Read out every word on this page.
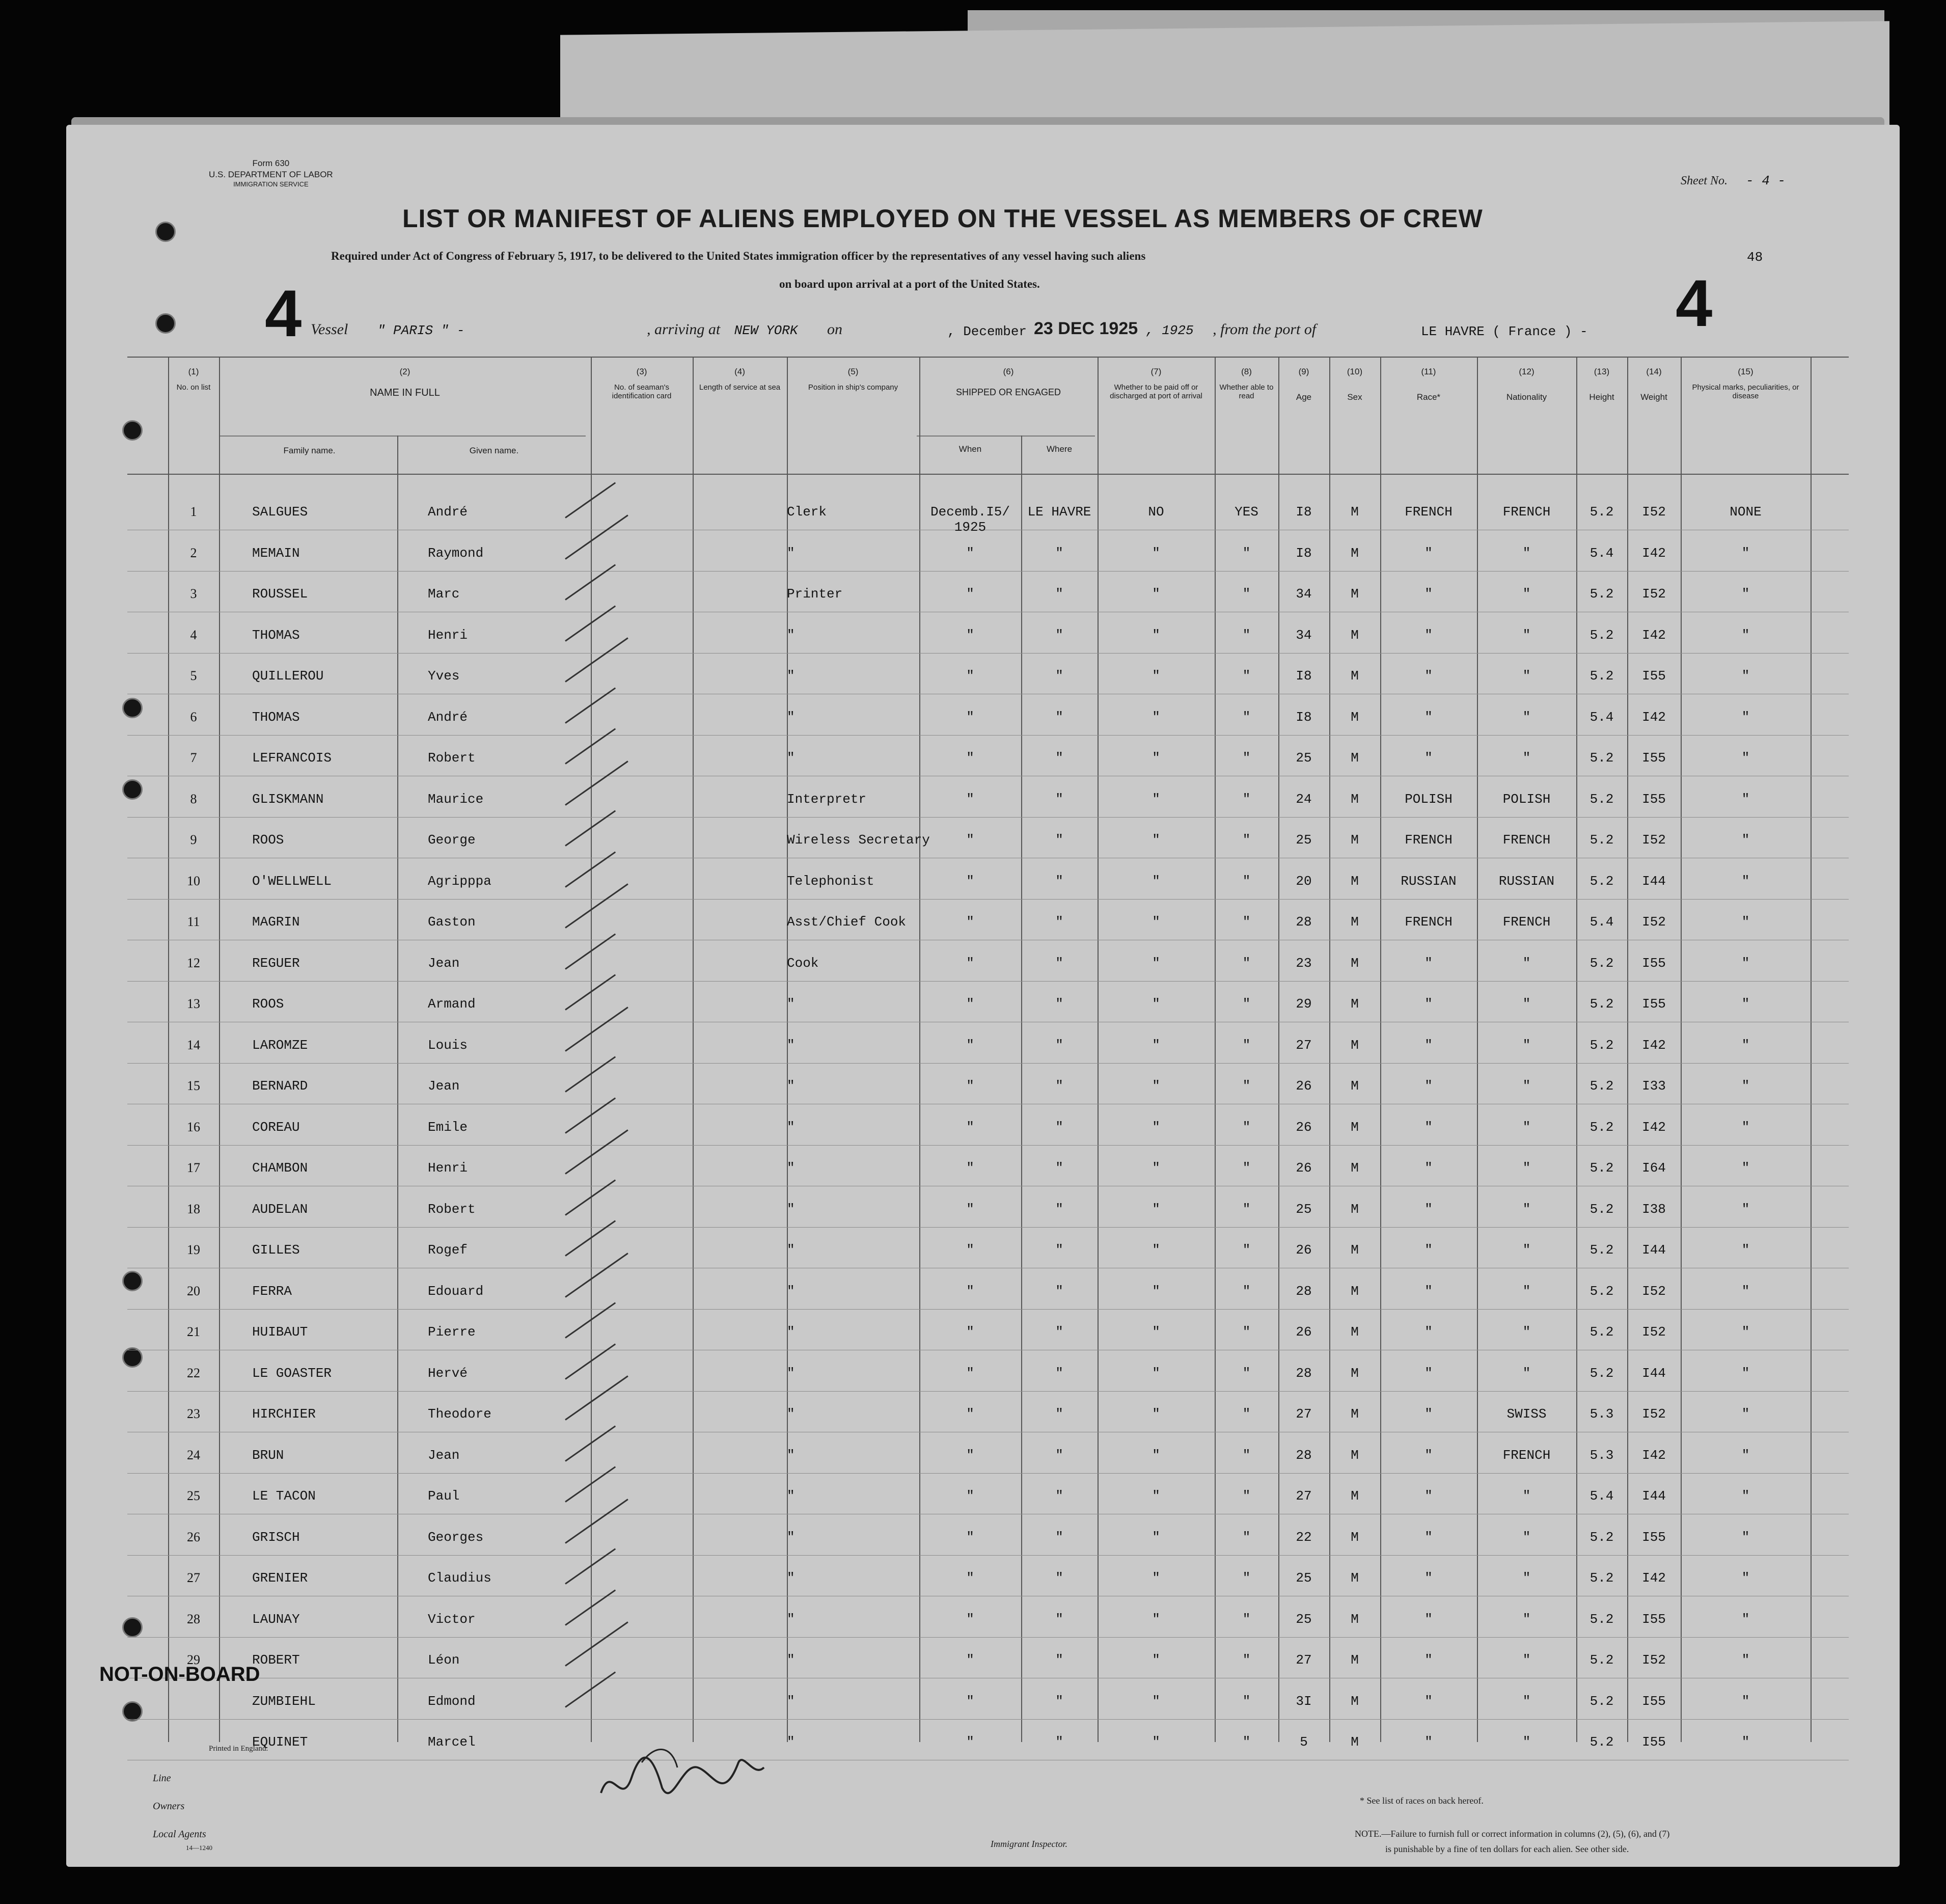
Form 630
U.S. DEPARTMENT OF LABOR
IMMIGRATION SERVICE	Sheet No. - 4 -
LIST OR MANIFEST OF ALIENS EMPLOYED ON THE VESSEL AS MEMBERS OF CREW
Required under Act of Congress of February 5, 1917, to be delivered to the United States immigration officer by the representatives of any vessel having such aliens
on board upon arrival at a port of the United States.
48
4	4
Vessel " PARIS " -	, arriving at NEW YORK on	, December 23 DEC 1925 , 1925 , from the port of	LE HAVRE ( France ) -
(1)
No. on list
(2)
NAME IN FULL
Family name.	Given name.
(3)
No. of seaman's identification card
(4)
Length of service at sea
(5)
Position in ship's company
(6)
SHIPPED OR ENGAGED
When	Where
(7)
Whether to be paid off or discharged at port of arrival
(8)
Whether able to read
(9)
Age
(10)
Sex
(11)
Race*
(12)
Nationality
(13)
Height
(14)
Weight
(15)
Physical marks, peculiarities, or disease
1	SALGUES	André	Clerk	Decemb.I5/	LE HAVRE	NO	YES	I8	M	FRENCH	FRENCH	5.2	I52	NONE
1925
2	MEMAIN	Raymond	"	"	"	"	"	I8	M	"	"	5.4	I42	"
3	ROUSSEL	Marc	Printer	"	"	"	"	34	M	"	"	5.2	I52	"
4	THOMAS	Henri	"	"	"	"	"	34	M	"	"	5.2	I42	"
5	QUILLEROU	Yves	"	"	"	"	"	I8	M	"	"	5.2	I55	"
6	THOMAS	André	"	"	"	"	"	I8	M	"	"	5.4	I42	"
7	LEFRANCOIS	Robert	"	"	"	"	"	25	M	"	"	5.2	I55	"
8	GLISKMANN	Maurice	Interpretr	"	"	"	"	24	M	POLISH	POLISH	5.2	I55	"
9	ROOS	George	Wireless Secretary	"	"	"	"	25	M	FRENCH	FRENCH	5.2	I52	"
10	O'WELLWELL	Agripppa	Telephonist	"	"	"	"	20	M	RUSSIAN	RUSSIAN	5.2	I44	"
11	MAGRIN	Gaston	Asst/Chief Cook	"	"	"	"	28	M	FRENCH	FRENCH	5.4	I52	"
12	REGUER	Jean	Cook	"	"	"	"	23	M	"	"	5.2	I55	"
13	ROOS	Armand	"	"	"	"	"	29	M	"	"	5.2	I55	"
14	LAROMZE	Louis	"	"	"	"	"	27	M	"	"	5.2	I42	"
15	BERNARD	Jean	"	"	"	"	"	26	M	"	"	5.2	I33	"
16	COREAU	Emile	"	"	"	"	"	26	M	"	"	5.2	I42	"
17	CHAMBON	Henri	"	"	"	"	"	26	M	"	"	5.2	I64	"
18	AUDELAN	Robert	"	"	"	"	"	25	M	"	"	5.2	I38	"
19	GILLES	Rogef	"	"	"	"	"	26	M	"	"	5.2	I44	"
20	FERRA	Edouard	"	"	"	"	"	28	M	"	"	5.2	I52	"
21	HUIBAUT	Pierre	"	"	"	"	"	26	M	"	"	5.2	I52	"
22	LE GOASTER	Hervé	"	"	"	"	"	28	M	"	"	5.2	I44	"
23	HIRCHIER	Theodore	"	"	"	"	"	27	M	"	SWISS	5.3	I52	"
24	BRUN	Jean	"	"	"	"	"	28	M	"	FRENCH	5.3	I42	"
25	LE TACON	Paul	"	"	"	"	"	27	M	"	"	5.4	I44	"
26	GRISCH	Georges	"	"	"	"	"	22	M	"	"	5.2	I55	"
27	GRENIER	Claudius	"	"	"	"	"	25	M	"	"	5.2	I42	"
28	LAUNAY	Victor	"	"	"	"	"	25	M	"	"	5.2	I55	"
29	ROBERT	Léon	"	"	"	"	"	27	M	"	"	5.2	I52	"
ZUMBIEHL	Edmond	"	"	"	"	"	3I	M	"	"	5.2	I55	"
EQUINET	Marcel	"	"	"	"	"	5	M	"	"	5.2	I55	"
NOT-ON-BOARD
Printed in England.
Line
Owners
Local Agents
14—1240	Immigrant Inspector.
* See list of races on back hereof.
NOTE.—Failure to furnish full or correct information in columns (2), (5), (6), and (7)
is punishable by a fine of ten dollars for each alien. See other side.
